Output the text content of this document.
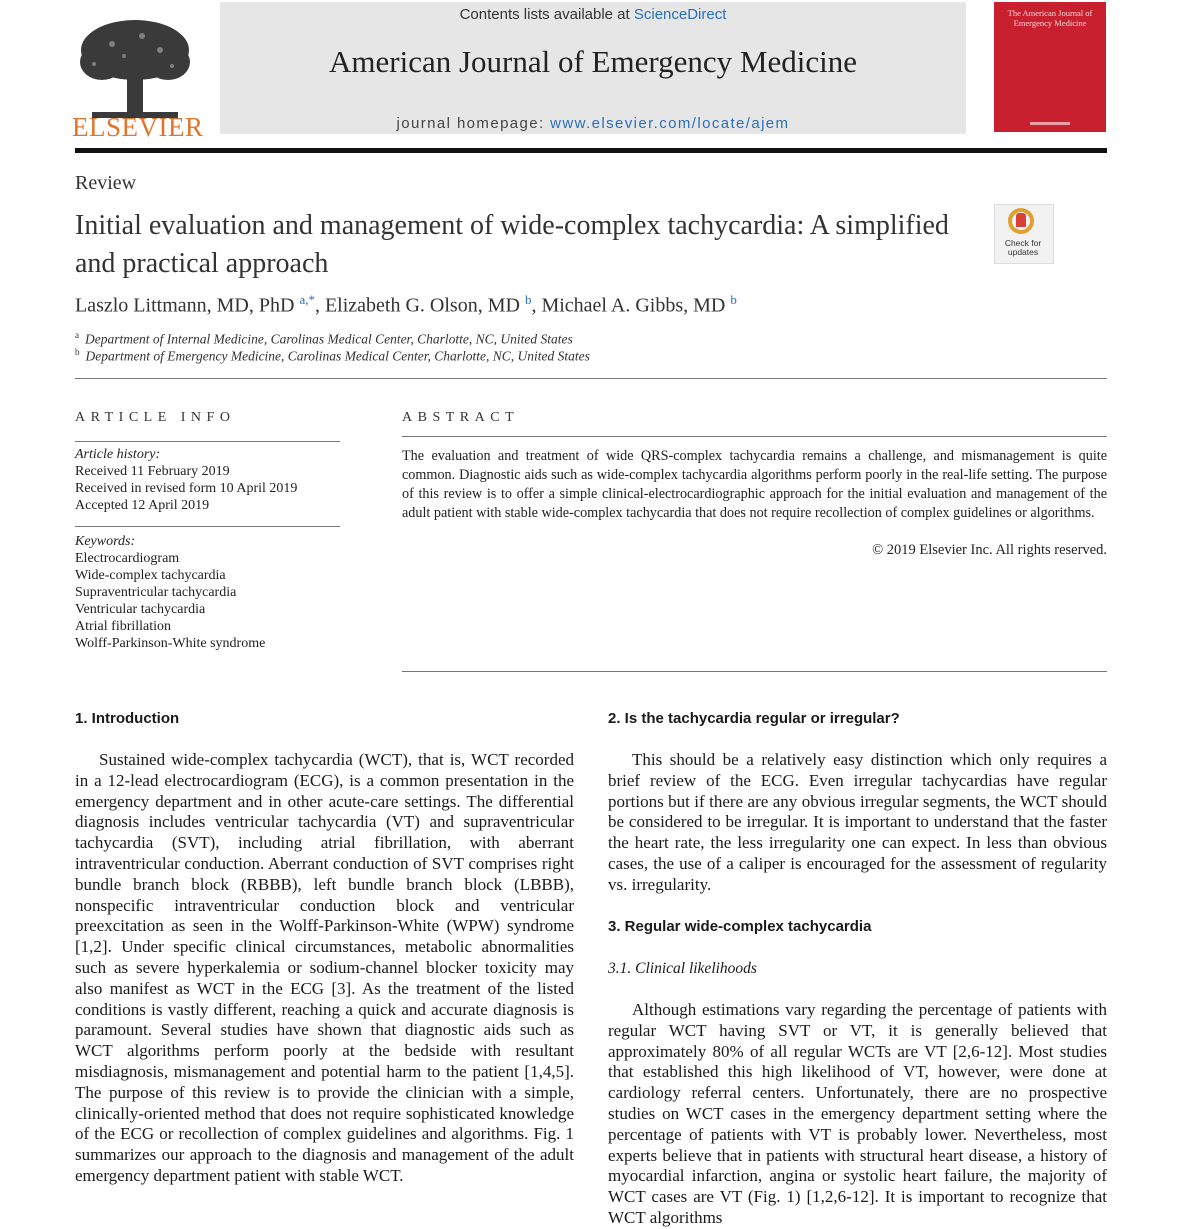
ELSEVIER
Contents lists available at ScienceDirect
American Journal of Emergency Medicine
journal homepage: www.elsevier.com/locate/ajem
The American Journal of Emergency Medicine
Review
Initial evaluation and management of wide-complex tachycardia: A simplified and practical approach
Check for updates
Laszlo Littmann, MD, PhD $^{a,*}$, Elizabeth G. Olson, MD $^b$, Michael A. Gibbs, MD $^b$
$^a$ Department of Internal Medicine, Carolinas Medical Center, Charlotte, NC, United States
$^b$ Department of Emergency Medicine, Carolinas Medical Center, Charlotte, NC, United States
ARTICLE INFO
Article history:
Received 11 February 2019
Received in revised form 10 April 2019
Accepted 12 April 2019
Keywords:
Electrocardiogram
Wide-complex tachycardia
Supraventricular tachycardia
Ventricular tachycardia
Atrial fibrillation
Wolff-Parkinson-White syndrome
ABSTRACT
The evaluation and treatment of wide QRS-complex tachycardia remains a challenge, and mismanagement is quite common. Diagnostic aids such as wide-complex tachycardia algorithms perform poorly in the real-life setting. The purpose of this review is to offer a simple clinical-electrocardiographic approach for the initial evaluation and management of the adult patient with stable wide-complex tachycardia that does not require recollection of complex guidelines or algorithms.
© 2019 Elsevier Inc. All rights reserved.
1. Introduction
Sustained wide-complex tachycardia (WCT), that is, WCT recorded in a 12-lead electrocardiogram (ECG), is a common presentation in the emergency department and in other acute-care settings. The differential diagnosis includes ventricular tachycardia (VT) and supraventricular tachycardia (SVT), including atrial fibrillation, with aberrant intraventricular conduction. Aberrant conduction of SVT comprises right bundle branch block (RBBB), left bundle branch block (LBBB), nonspecific intraventricular conduction block and ventricular preexcitation as seen in the Wolff-Parkinson-White (WPW) syndrome [1,2]. Under specific clinical circumstances, metabolic abnormalities such as severe hyperkalemia or sodium-channel blocker toxicity may also manifest as WCT in the ECG [3]. As the treatment of the listed conditions is vastly different, reaching a quick and accurate diagnosis is paramount. Several studies have shown that diagnostic aids such as WCT algorithms perform poorly at the bedside with resultant misdiagnosis, mismanagement and potential harm to the patient [1,4,5]. The purpose of this review is to provide the clinician with a simple, clinically-oriented method that does not require sophisticated knowledge of the ECG or recollection of complex guidelines and algorithms. Fig. 1 summarizes our approach to the diagnosis and management of the adult emergency department patient with stable WCT.
2. Is the tachycardia regular or irregular?
This should be a relatively easy distinction which only requires a brief review of the ECG. Even irregular tachycardias have regular portions but if there are any obvious irregular segments, the WCT should be considered to be irregular. It is important to understand that the faster the heart rate, the less irregularity one can expect. In less than obvious cases, the use of a caliper is encouraged for the assessment of regularity vs. irregularity.
3. Regular wide-complex tachycardia
3.1. Clinical likelihoods
Although estimations vary regarding the percentage of patients with regular WCT having SVT or VT, it is generally believed that approximately 80% of all regular WCTs are VT [2,6-12]. Most studies that established this high likelihood of VT, however, were done at cardiology referral centers. Unfortunately, there are no prospective studies on WCT cases in the emergency department setting where the percentage of patients with VT is probably lower. Nevertheless, most experts believe that in patients with structural heart disease, a history of myocardial infarction, angina or systolic heart failure, the majority of WCT cases are VT (Fig. 1) [1,2,6-12]. It is important to recognize that WCT algorithms
